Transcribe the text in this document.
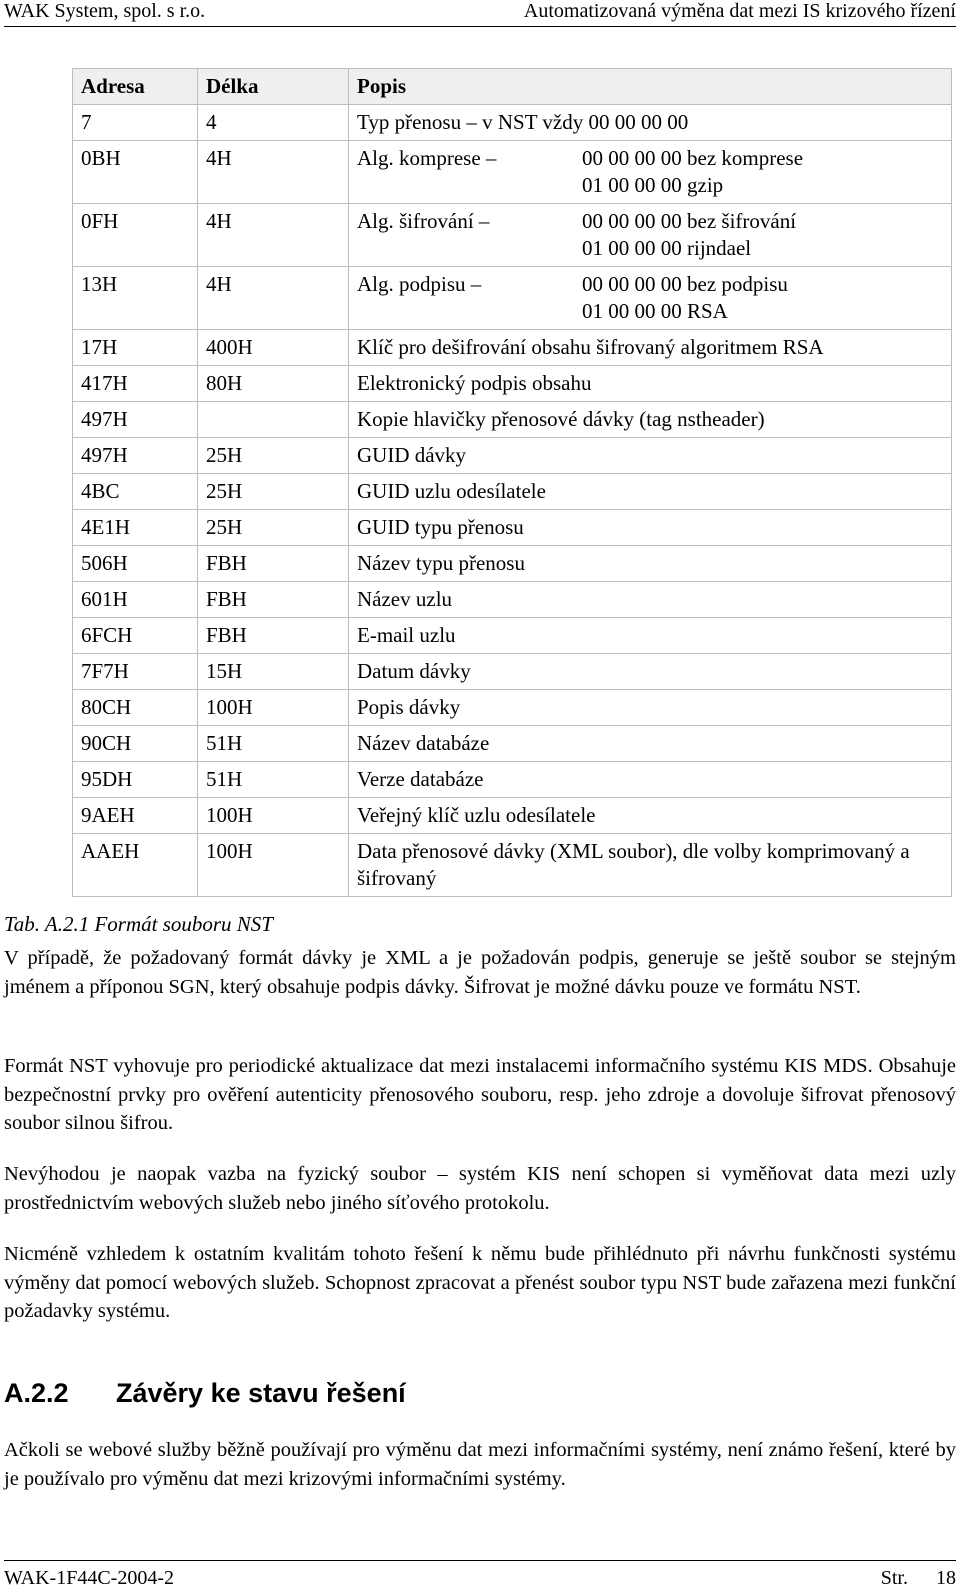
WAK System, spol. s r.o.	Automatizovaná výměna dat mezi IS krizového řízení
Adresa	Délka	Popis
7	4	Typ přenosu – v NST vždy 00 00 00 00
0BH	4H	Alg. komprese – 00 00 00 00 bez komprese
01 00 00 00 gzip

0FH	4H	Alg. šifrování – 00 00 00 00 bez šifrování
01 00 00 00 rijndael

13H	4H	Alg. podpisu – 00 00 00 00 bez podpisu
01 00 00 00 RSA

17H	400H	Klíč pro dešifrování obsahu šifrovaný algoritmem RSA
417H	80H	Elektronický podpis obsahu
497H		Kopie hlavičky přenosové dávky (tag nstheader)
497H	25H	GUID dávky
4BC	25H	GUID uzlu odesílatele
4E1H	25H	GUID typu přenosu
506H	FBH	Název typu přenosu
601H	FBH	Název uzlu
6FCH	FBH	E-mail uzlu
7F7H	15H	Datum dávky
80CH	100H	Popis dávky
90CH	51H	Název databáze
95DH	51H	Verze databáze
9AEH	100H	Veřejný klíč uzlu odesílatele
AAEH	100H	Data přenosové dávky (XML soubor), dle volby komprimovaný a šifrovaný
Tab. A.2.1 Formát souboru NST
V případě, že požadovaný formát dávky je XML a je požadován podpis, generuje se ještě soubor se stejným jménem a příponou SGN, který obsahuje podpis dávky. Šifrovat je možné dávku pouze ve formátu NST.
Formát NST vyhovuje pro periodické aktualizace dat mezi instalacemi informačního systému KIS MDS. Obsahuje bezpečnostní prvky pro ověření autenticity přenosového souboru, resp. jeho zdroje a dovoluje šifrovat přenosový soubor silnou šifrou.
Nevýhodou je naopak vazba na fyzický soubor – systém KIS není schopen si vyměňovat data mezi uzly prostřednictvím webových služeb nebo jiného síťového protokolu.
Nicméně vzhledem k ostatním kvalitám tohoto řešení k němu bude přihlédnuto při návrhu funkčnosti systému výměny dat pomocí webových služeb. Schopnost zpracovat a přenést soubor typu NST bude zařazena mezi funkční požadavky systému.
A.2.2 Závěry ke stavu řešení
Ačkoli se webové služby běžně používají pro výměnu dat mezi informačními systémy, není známo řešení, které by je používalo pro výměnu dat mezi krizovými informačními systémy.
WAK-1F44C-2004-2	Str. 18
